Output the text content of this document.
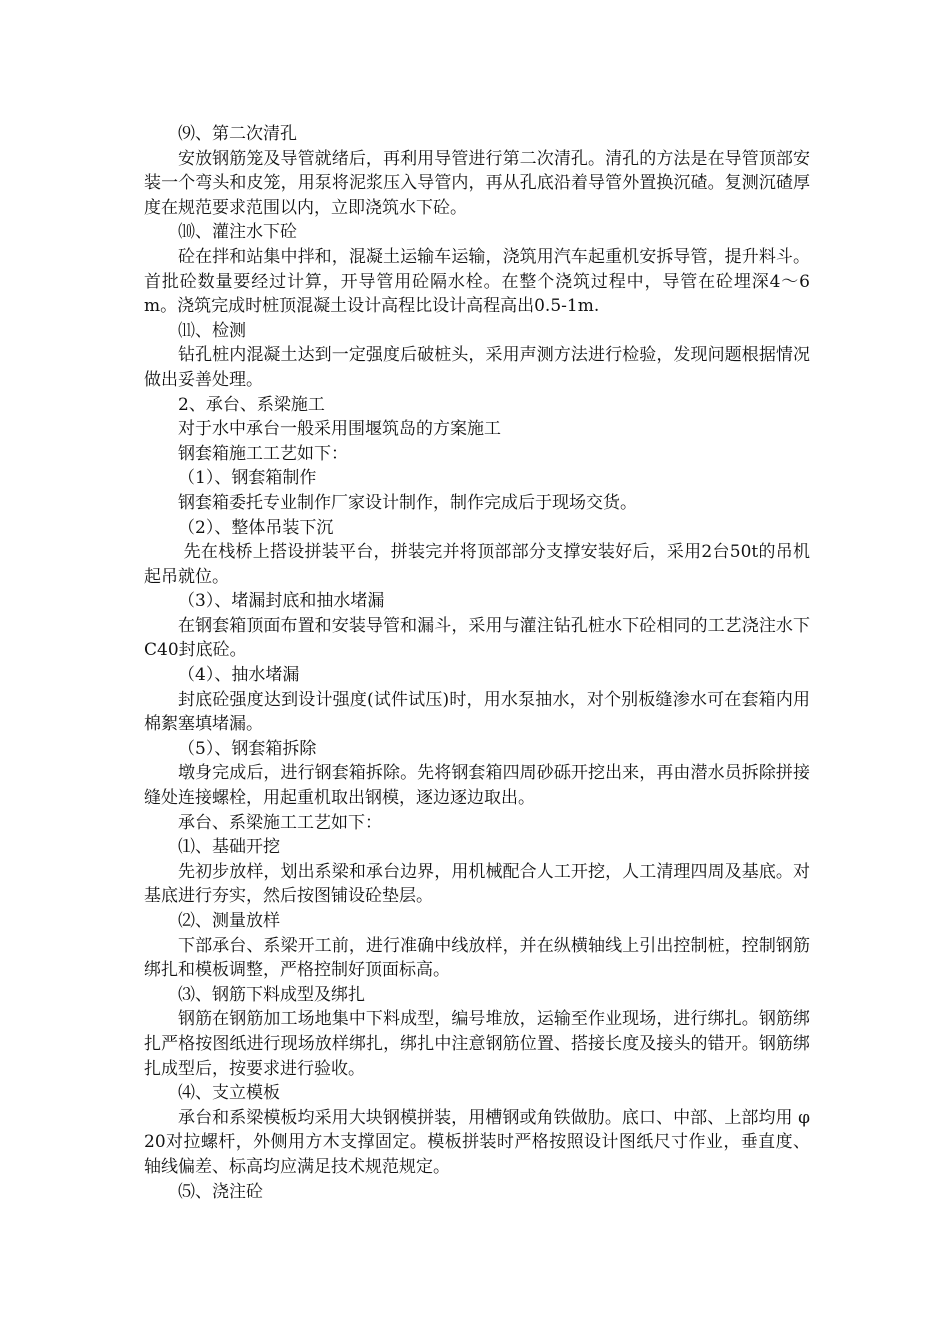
⑼、第二次清孔

安放钢筋笼及导管就绪后，再利用导管进行第二次清孔。清孔的方法是在导管顶部安装一个弯头和皮笼，用泵将泥浆压入导管内，再从孔底沿着导管外置换沉碴。复测沉碴厚度在规范要求范围以内，立即浇筑水下砼。

⑽、灌注水下砼

砼在拌和站集中拌和，混凝土运输车运输，浇筑用汽车起重机安拆导管，提升料斗。首批砼数量要经过计算，开导管用砼隔水栓。在整个浇筑过程中，导管在砼埋深4～6m。浇筑完成时桩顶混凝土设计高程比设计高程高出0.5-1m.

⑾、检测

钻孔桩内混凝土达到一定强度后破桩头，采用声测方法进行检验，发现问题根据情况做出妥善处理。

2、承台、系梁施工

对于水中承台一般采用围堰筑岛的方案施工

钢套箱施工工艺如下：

（1）、钢套箱制作

钢套箱委托专业制作厂家设计制作，制作完成后于现场交货。

（2）、整体吊装下沉

先在栈桥上搭设拼装平台，拼装完并将顶部部分支撑安装好后，采用2台50t的吊机起吊就位。

（3）、堵漏封底和抽水堵漏

在钢套箱顶面布置和安装导管和漏斗，采用与灌注钻孔桩水下砼相同的工艺浇注水下C40封底砼。

（4）、抽水堵漏

封底砼强度达到设计强度(试件试压)时，用水泵抽水，对个别板缝渗水可在套箱内用棉絮塞填堵漏。

（5）、钢套箱拆除

墩身完成后，进行钢套箱拆除。先将钢套箱四周砂砾开挖出来，再由潜水员拆除拼接缝处连接螺栓，用起重机取出钢模，逐边逐边取出。

承台、系梁施工工艺如下：

⑴、基础开挖

先初步放样，划出系梁和承台边界，用机械配合人工开挖，人工清理四周及基底。对基底进行夯实，然后按图铺设砼垫层。

⑵、测量放样

下部承台、系梁开工前，进行准确中线放样，并在纵横轴线上引出控制桩，控制钢筋绑扎和模板调整，严格控制好顶面标高。

⑶、钢筋下料成型及绑扎

钢筋在钢筋加工场地集中下料成型，编号堆放，运输至作业现场，进行绑扎。钢筋绑扎严格按图纸进行现场放样绑扎，绑扎中注意钢筋位置、搭接长度及接头的错开。钢筋绑扎成型后，按要求进行验收。

⑷、支立模板

承台和系梁模板均采用大块钢模拼装，用槽钢或角铁做肋。底口、中部、上部均用 φ20对拉螺杆，外侧用方木支撑固定。模板拼装时严格按照设计图纸尺寸作业，垂直度、轴线偏差、标高均应满足技术规范规定。

⑸、浇注砼
